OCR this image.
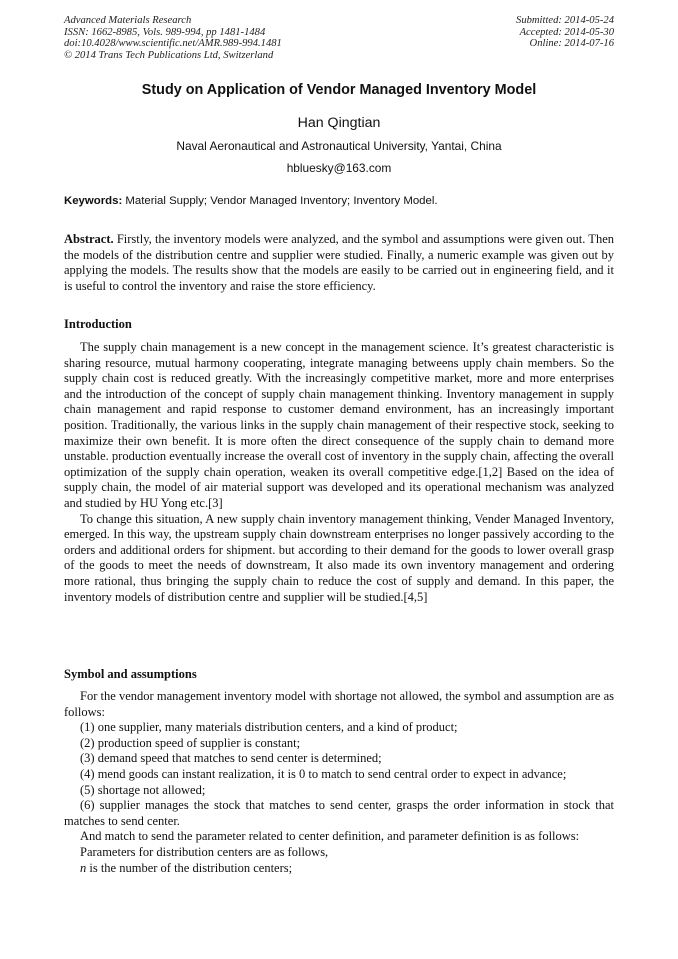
Advanced Materials Research
ISSN: 1662-8985, Vols. 989-994, pp 1481-1484
doi:10.4028/www.scientific.net/AMR.989-994.1481
© 2014 Trans Tech Publications Ltd, Switzerland
Submitted: 2014-05-24
Accepted: 2014-05-30
Online: 2014-07-16
Study on Application of Vendor Managed Inventory Model
Han Qingtian
Naval Aeronautical and Astronautical University, Yantai, China
hbluesky@163.com
Keywords: Material Supply; Vendor Managed Inventory; Inventory Model.

Abstract. Firstly, the inventory models were analyzed, and the symbol and assumptions were given out. Then the models of the distribution centre and supplier were studied. Finally, a numeric example was given out by applying the models. The results show that the models are easily to be carried out in engineering field, and it is useful to control the inventory and raise the store efficiency.

Introduction

The supply chain management is a new concept in the management science. It’s greatest characteristic is sharing resource, mutual harmony cooperating, integrate managing betweens upply chain members. So the supply chain cost is reduced greatly. With the increasingly competitive market, more and more enterprises and the introduction of the concept of supply chain management thinking. Inventory management in supply chain management and rapid response to customer demand environment, has an increasingly important position. Traditionally, the various links in the supply chain management of their respective stock, seeking to maximize their own benefit. It is more often the direct consequence of the supply chain to demand more unstable. production eventually increase the overall cost of inventory in the supply chain, affecting the overall optimization of the supply chain operation, weaken its overall competitive edge.[1,2] Based on the idea of supply chain, the model of air material support was developed and its operational mechanism was analyzed and studied by HU Yong etc.[3]

To change this situation, A new supply chain inventory management thinking, Vender Managed Inventory, emerged. In this way, the upstream supply chain downstream enterprises no longer passively according to the orders and additional orders for shipment. but according to their demand for the goods to lower overall grasp of the goods to meet the needs of downstream, It also made its own inventory management and ordering more rational, thus bringing the supply chain to reduce the cost of supply and demand. In this paper, the inventory models of distribution centre and supplier will be studied.[4,5]

Symbol and assumptions

For the vendor management inventory model with shortage not allowed, the symbol and assumption are as follows:

(1) one supplier, many materials distribution centers, and a kind of product;

(2) production speed of supplier is constant;

(3) demand speed that matches to send center is determined;

(4) mend goods can instant realization, it is 0 to match to send central order to expect in advance;

(5) shortage not allowed;

(6) supplier manages the stock that matches to send center, grasps the order information in stock that matches to send center.

And match to send the parameter related to center definition, and parameter definition is as follows:

Parameters for distribution centers are as follows,

n is the number of the distribution centers;
